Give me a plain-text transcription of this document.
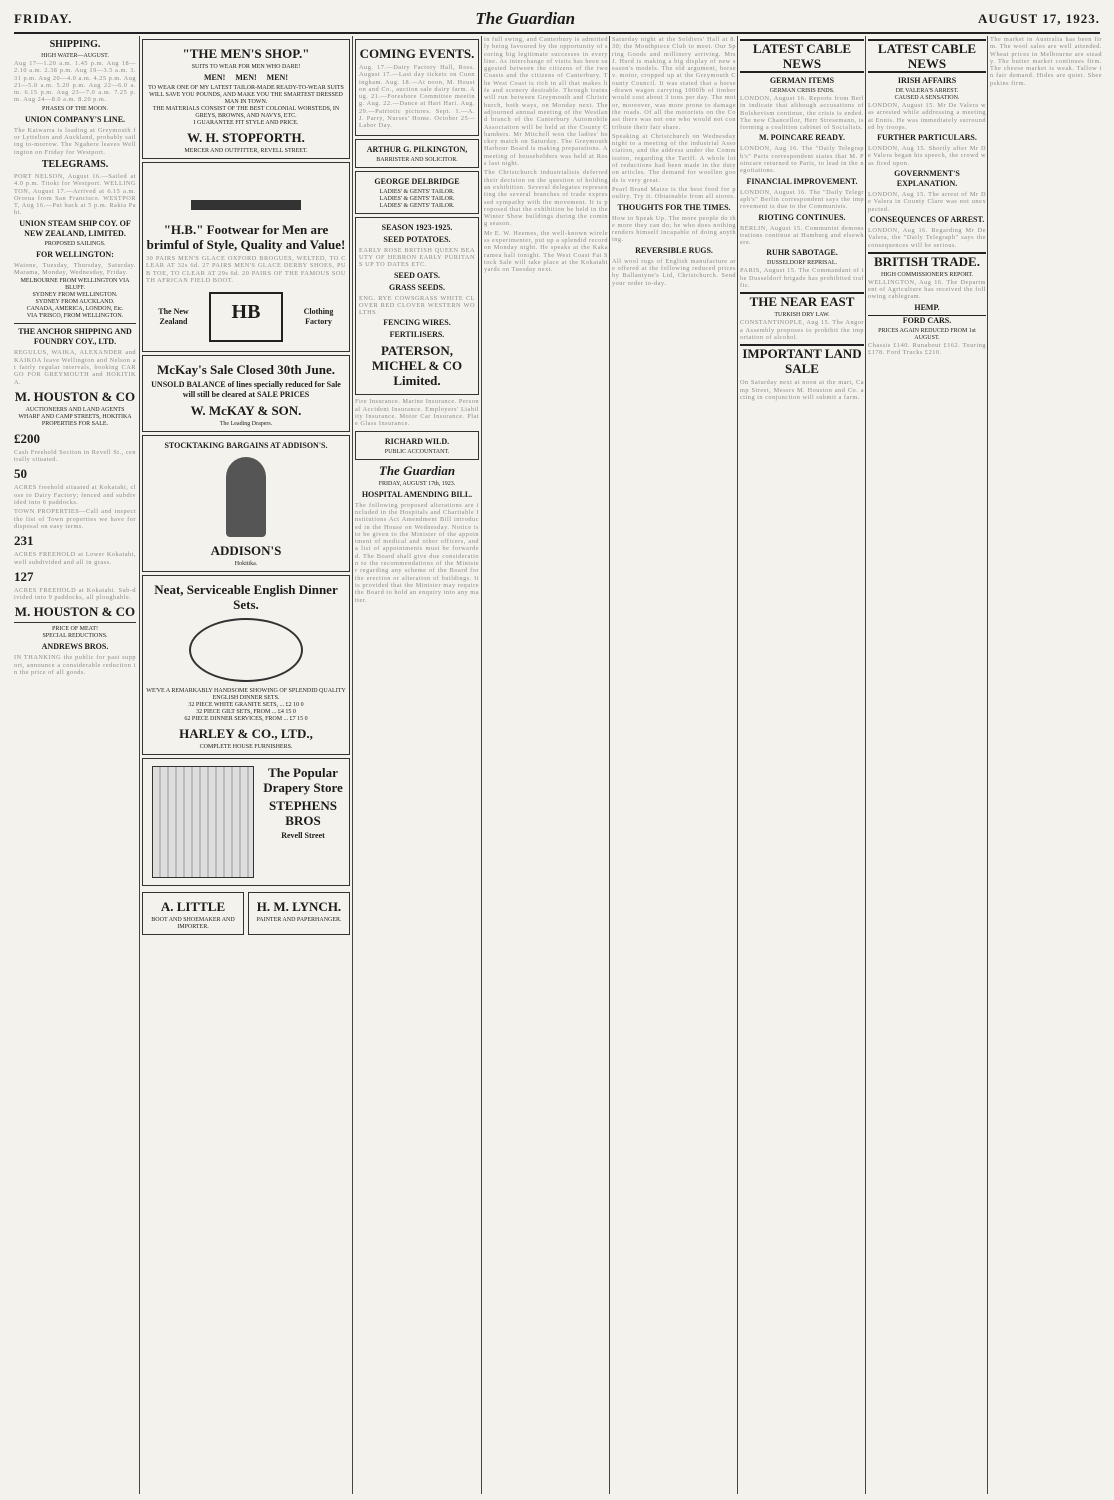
FRIDAY.	The Guardian	AUGUST 17, 1923.
SHIPPING.
HIGH WATER—AUGUST.
Aug 17—1.20 a.m. 1.45 p.m. Aug 18—2.10 a.m. 2.38 p.m. Aug 19—3.5 a.m. 3.31 p.m. Aug 20—4.0 a.m. 4.25 p.m. Aug 21—5.0 a.m. 5.20 p.m. Aug 22—6.0 a.m. 6.15 p.m. Aug 23—7.0 a.m. 7.25 p.m. Aug 24—8.0 a.m. 8.20 p.m.
PHASES OF THE MOON.
UNION COMPANY'S LINE.
The Kaiwarra is loading at Greymouth for Lyttelton and Auckland, probably sailing to-morrow. The Ngahere leaves Wellington on Friday for Westport.
TELEGRAMS.
PORT NELSON, August 16.—Sailed at 4.0 p.m. Titoki for Westport. WELLINGTON, August 17.—Arrived at 6.15 a.m. Ororua from San Francisco. WESTPORT, Aug 16.—Put back at 5 p.m. Rakia Pahi.
UNION STEAM SHIP COY. OF NEW ZEALAND, LIMITED.
PROPOSED SAILINGS.
FOR WELLINGTON:
Waione, Tuesday, Thursday, Saturday. Marama, Monday, Wednesday, Friday.
MELBOURNE FROM WELLINGTON VIA BLUFF.
SYDNEY FROM WELLINGTON.
SYDNEY FROM AUCKLAND.
CANADA, AMERICA, LONDON, Etc.
VIA 'FRISCO, FROM WELLINGTON.
THE ANCHOR SHIPPING AND FOUNDRY COY., LTD.
REGULUS, WAIKA, ALEXANDER and KAIKOA leave Wellington and Nelson at fairly regular intervals, booking CARGO FOR GREYMOUTH and HOKITIKA.
M. HOUSTON & CO
AUCTIONEERS AND LAND AGENTS
WHARF AND CAMP STREETS, HOKITIKA
PROPERTIES FOR SALE.
£200
Cash Freehold Section in Revell St., centrally situated.
50
ACRES freehold situated at Kokatahi, close to Dairy Factory; fenced and subdivided into 6 paddocks.
TOWN PROPERTIES—Call and inspect the list of Town properties we have for disposal on easy terms.
231
ACRES FREEHOLD at Lower Kokatahi, well subdivided and all in grass.
127
ACRES FREEHOLD at Kokatahi. Sub-divided into 9 paddocks, all ploughable.
M. HOUSTON & CO
PRICE OF MEAT!
SPECIAL REDUCTIONS.
ANDREWS BROS.
IN THANKING the public for past support, announce a considerable reduction in the price of all goods.
"THE MEN'S SHOP."
SUITS TO WEAR FOR MEN WHO DARE!
MEN! MEN! MEN!
TO WEAR ONE OF MY LATEST TAILOR-MADE READY-TO-WEAR SUITS WILL SAVE YOU POUNDS, AND MAKE YOU THE SMARTEST DRESSED MAN IN TOWN.
THE MATERIALS CONSIST OF THE BEST COLONIAL WORSTEDS, IN GREYS, BROWNS, AND NAVYS, ETC.
I GUARANTEE FIT STYLE AND PRICE.
W. H. STOPFORTH.
MERCER AND OUTFITTER, REVELL STREET.
"H.B." Footwear for Men are brimful of Style, Quality and Value!
30 PAIRS MEN'S GLACE OXFORD BROGUES, WELTED, TO CLEAR AT 32s 6d. 27 PAIRS MEN'S GLACE DERBY SHOES, PUB TOE, TO CLEAR AT 29s 6d. 20 PAIRS OF THE FAMOUS SOUTH AFRICAN FIELD BOOT.
The New Zealand	HB	Clothing Factory
McKay's Sale Closed 30th June.
UNSOLD BALANCE of lines specially reduced for Sale will still be cleared at SALE PRICES
W. McKAY & SON.
The Leading Drapers.
STOCKTAKING BARGAINS AT ADDISON'S.
ADDISON'S
Hokitika.
Neat, Serviceable English Dinner Sets.
WE'VE A REMARKABLY HANDSOME SHOWING OF SPLENDID QUALITY ENGLISH DINNER SETS.
32 PIECE WHITE GRANITE SETS, ... £2 10 0
32 PIECE GILT SETS, FROM ... £4 15 0
62 PIECE DINNER SERVICES, FROM ... £7 15 0
HARLEY & CO., LTD.,
COMPLETE HOUSE FURNISHERS.
The Popular Drapery Store
STEPHENS BROS
Revell Street
A. LITTLE
BOOT AND SHOEMAKER AND IMPORTER.
H. M. LYNCH.
PAINTER AND PAPERHANGER.
COMING EVENTS.
Aug. 17.—Dairy Factory Hall, Ross. August 17.—Last day tickets on Cunningham. Aug. 18.—At noon, M. Houston and Co., auction sale dairy farm. Aug. 21.—Foreshore Committee meeting. Aug. 22.—Dance at Hari Hari. Aug. 29.—Patriotic pictures. Sept. 1.—A. J. Parry, Nurses' Home. October 25—Labor Day.
ARTHUR G. PILKINGTON,
BARRISTER AND SOLICITOR.
GEORGE DELBRIDGE
LADIES' & GENTS' TAILOR.
LADIES' & GENTS' TAILOR.
LADIES' & GENTS' TAILOR.
SEASON 1923-1925.
SEED POTATOES.
EARLY ROSE BRITISH QUEEN BEAUTY OF HEBRON EARLY PURITANS UP TO DATES ETC.
SEED OATS.
GRASS SEEDS.
ENG. RYE COWSGRASS WHITE CLOVER RED CLOVER WESTERN WOLTHS
FENCING WIRES.
FERTILISERS.
PATERSON, MICHEL & CO Limited.
Fire Insurance. Marine Insurance. Personal Accident Insurance. Employers' Liability Insurance. Motor Car Insurance. Plate Glass Insurance.
RICHARD WILD.
PUBLIC ACCOUNTANT.
The Guardian
FRIDAY, AUGUST 17th, 1923.
HOSPITAL AMENDING BILL.
The following proposed alterations are included in the Hospitals and Charitable Institutions Act Amendment Bill introduced in the House on Wednesday. Notice is to be given to the Minister of the appointment of medical and other officers, and a list of appointments must be forwarded. The Board shall give due consideration to the recommendations of the Minister regarding any scheme of the Board for the erection or alteration of buildings. It is provided that the Minister may require the Board to hold an enquiry into any matter.
in full swing, and Canterbury is admittedly being favoured by the opportunity of scoring big legitimate successes in every line. As interchange of visits has been suggested between the citizens of the two Coasts and the citizens of Canterbury. The West Coast is rich in all that makes life and scenery desirable. Through trains will run between Greymouth and Christchurch, both ways, on Monday next. The adjourned annual meeting of the Westland branch of the Canterbury Automobile Association will be held at the County Chambers. Mr Mitchell won the ladies' hockey match on Saturday. The Greymouth Harbour Board is making preparations. A meeting of householders was held at Ross last night.
The Christchurch industrialists deferred their decision on the question of holding an exhibition. Several delegates representing the several branches of trade expressed sympathy with the movement. It is proposed that the exhibition be held in the Winter Show buildings during the coming season.
Mr E. W. Heemes, the well-known wireless experimenter, put up a splendid record on Monday night. He speaks at the Kakaramea hall tonight. The West Coast Fat Stock Sale will take place at the Kokatahi yards on Tuesday next.
Saturday night at the Soldiers' Hall at 8.30; the Mouthpiece Club to meet. Our Spring Goods and millinery arriving. Mrs J. Hurd is making a big display of new season's models. The old argument, horse v. motor, cropped up at the Greymouth County Council. It was stated that a horse-drawn wagon carrying 1000lb of timber would cost about 3 tons per day. The motor, moreover, was more prone to damage the roads. Of all the motorists on the Coast there was not one who would not contribute their fair share.
Speaking at Christchurch on Wednesday night to a meeting of the industrial Association, and the address under the Commission, regarding the Tariff. A whole lot of reductions had been made in the duty on articles. The demand for woollen goods is very great.
Pearl Brand Maize is the best food for poultry. Try it. Obtainable from all stores.
THOUGHTS FOR THE TIMES.
How to Speak Up. The more people do the more they can do; he who does nothing renders himself incapable of doing anything.
REVERSIBLE RUGS.
All wool rugs of English manufacture are offered at the following reduced prices by Ballantyne's Ltd, Christchurch. Send your order to-day.
LATEST CABLE NEWS
GERMAN ITEMS
GERMAN CRISIS ENDS.
LONDON, August 16. Reports from Berlin indicate that although accusations of Bolshevism continue, the crisis is ended. The new Chancellor, Herr Stresemann, is forming a coalition cabinet of Socialists.
M. POINCARE READY.
LONDON, Aug 16. The "Daily Telegraph's" Paris correspondent states that M. Poincare returned to Paris, to lead in the negotiations.
FINANCIAL IMPROVEMENT.
LONDON, August 16. The "Daily Telegraph's" Berlin correspondent says the improvement is due to the Communists.
RIOTING CONTINUES.
BERLIN, August 15. Communist demonstrations continue at Hamburg and elsewhere.
RUHR SABOTAGE.
DUSSELDORF REPRISAL.
PARIS, August 15. The Commandant of the Dusseldorf brigade has prohibited traffic.
THE NEAR EAST
TURKISH DRY LAW.
CONSTANTINOPLE, Aug 15. The Angora Assembly proposes to prohibit the importation of alcohol.
IMPORTANT LAND SALE
On Saturday next at noon at the mart, Camp Street, Messrs M. Houston and Co. acting in conjunction will submit a farm.
LATEST CABLE NEWS
IRISH AFFAIRS
DE VALERA'S ARREST.
CAUSED A SENSATION.
LONDON, August 15. Mr De Valera was arrested while addressing a meeting at Ennis. He was immediately surrounded by troops.
FURTHER PARTICULARS.
LONDON, Aug 15. Shortly after Mr De Valera began his speech, the crowd was fired upon.
GOVERNMENT'S EXPLANATION.
LONDON, Aug 15. The arrest of Mr De Valera in County Clare was not unexpected.
CONSEQUENCES OF ARREST.
LONDON, Aug 16. Regarding Mr De Valera, the "Daily Telegraph" says the consequences will be serious.
BRITISH TRADE.
HIGH COMMISSIONER'S REPORT.
WELLINGTON, Aug 16. The Department of Agriculture has received the following cablegram.
HEMP.
FORD CARS.
PRICES AGAIN REDUCED FROM 1st AUGUST.
Chassis £140. Runabout £162. Touring £178. Ford Trucks £210.
The market in Australia has been firm. The wool sales are well attended. Wheat prices in Melbourne are steady. The butter market continues firm. The cheese market is weak. Tallow in fair demand. Hides are quiet. Sheepskins firm.
